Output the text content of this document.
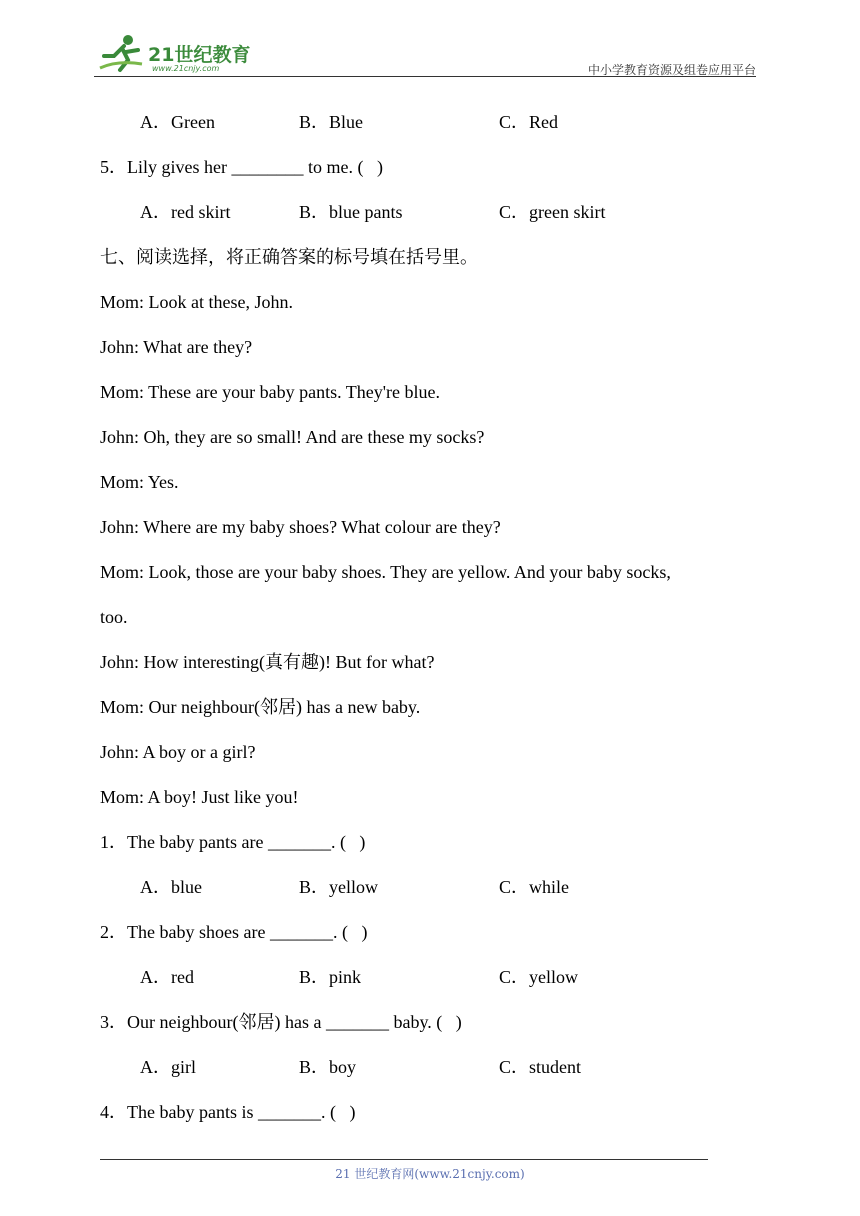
21世纪教育
www.21cnjy.com	中小学教育资源及组卷应用平台
A．Green	B．Blue	C．Red
5．Lily gives her ________ to me. (   )
A．red skirt	B．blue pants	C．green skirt
七、阅读选择，将正确答案的标号填在括号里。
Mom: Look at these, John.
John: What are they?
Mom: These are your baby pants. They're blue.
John: Oh, they are so small! And are these my socks?
Mom: Yes.
John: Where are my baby shoes? What colour are they?
Mom: Look, those are your baby shoes. They are yellow. And your baby socks,
too.
John: How interesting(真有趣)! But for what?
Mom: Our neighbour(邻居) has a new baby.
John: A boy or a girl?
Mom: A boy! Just like you!
1．The baby pants are _______. (   )
A．blue	B．yellow	C．while
2．The baby shoes are _______. (   )
A．red	B．pink	C．yellow
3．Our neighbour(邻居) has a _______ baby. (   )
A．girl	B．boy	C．student
4．The baby pants is _______. (   )
21 世纪教育网(www.21cnjy.com)
